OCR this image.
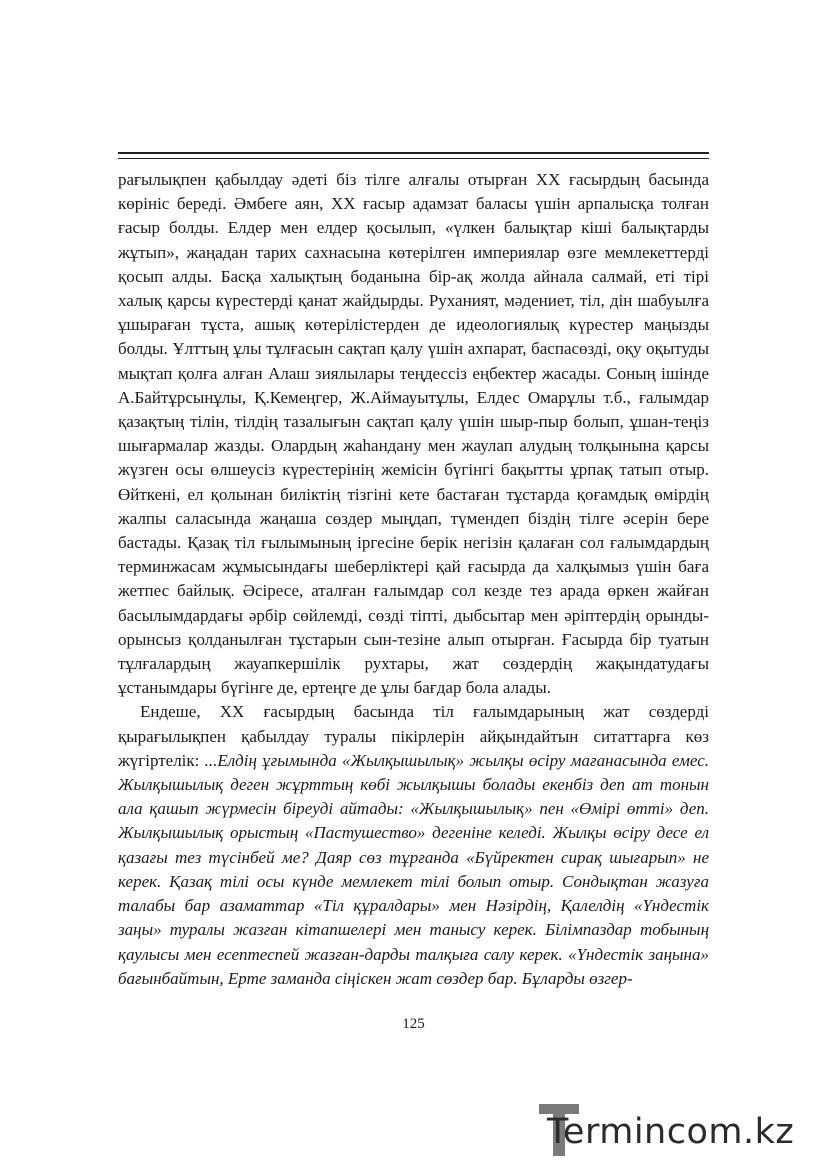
рағылықпен қабылдау әдеті біз тілге алғалы отырған ХХ ғасырдың басында көрініс береді. Әмбеге аян, ХХ ғасыр адамзат баласы үшін арпалысқа толған ғасыр болды. Елдер мен елдер қосылып, «үлкен балықтар кіші балықтарды жұтып», жаңадан тарих сахнасына көтерілген империялар өзге мемлекеттерді қосып алды. Басқа халықтың боданына бір-ақ жолда айнала салмай, еті тірі халық қарсы күрестерді қанат жайдырды. Руханият, мәдениет, тіл, дін шабуылға ұшыраған тұста, ашық көтерілістерден де идеологиялық күрестер маңызды болды. Ұлттың ұлы тұлғасын сақтап қалу үшін ахпарат, баспасөзді, оқу оқытуды мықтап қолға алған Алаш зиялылары теңдессіз еңбектер жасады. Соның ішінде А.Байтұрсынұлы, Қ.Кемеңгер, Ж.Аймауытұлы, Елдес Омарұлы т.б., ғалымдар қазақтың тілін, тілдің тазалығын сақтап қалу үшін шыр-пыр болып, ұшан-теңіз шығармалар жазды. Олардың жаһандану мен жаулап алудың толқынына қарсы жүзген осы өлшеусіз күрестерінің жемісін бүгінгі бақытты ұрпақ татып отыр. Өйткені, ел қолынан биліктің тізгіні кете бастаған тұстарда қоғамдық өмірдің жалпы саласында жаңаша сөздер мыңдап, түмендеп біздің тілге әсерін бере бастады. Қазақ тіл ғылымының іргесіне берік негізін қалаған сол ғалымдардың терминжасам жұмысындағы шеберліктері қай ғасырда да халқымыз үшін баға жетпес байлық. Әсіресе, аталған ғалымдар сол кезде тез арада өркен жайған басылымдардағы әрбір сөйлемді, сөзді тіпті, дыбсытар мен әріптердің орынды-орынсыз қолданылған тұстарын сын-тезіне алып отырған. Ғасырда бір туатын тұлғалардың жауапкершілік рухтары, жат сөздердің жақындатудағы ұстанымдары бүгінге де, ертеңге де ұлы бағдар бола алады.

Ендеше, ХХ ғасырдың басында тіл ғалымдарының жат сөздерді қырағылықпен қабылдау туралы пікірлерін айқындайтын ситаттарға көз жүгіртелік: ...Елдің ұғымында «Жылқышылық» жылқы өсіру мағанасында емес. Жылқышылық деген жұрттың көбі жылқышы болады екенбіз деп ат тонын ала қашып жүрмесін біреуді айтады: «Жылқышылық» пен «Өмірі өтті» деп. Жылқышылық орыстың «Пастушество» дегеніне келеді. Жылқы өсіру десе ел қазағы тез түсінбей ме? Даяр сөз тұрғанда «Бүйректен сирақ шығарып» не керек. Қазақ тілі осы күнде мемлекет тілі болып отыр. Сондықтан жазуға талабы бар азаматтар «Тіл құралдары» мен Нәзірдің, Қалелдің «Үндестік заңы» туралы жазған кітапшелері мен танысу керек. Білімпаздар тобының қаулысы мен есептеспей жазған-дарды талқыға салу керек. «Үндестік заңына» бағынбайтын, Ерте заманда сіңіскен жат сөздер бар. Бұларды өзгер-

125
Termincom.kz
